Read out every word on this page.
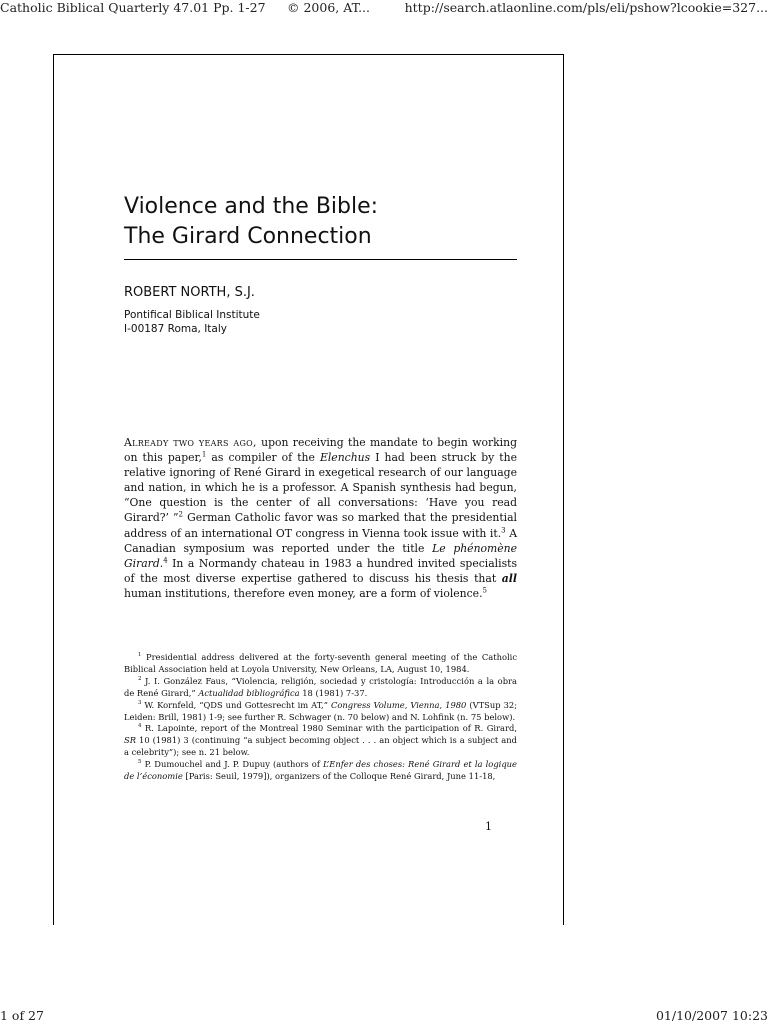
Catholic Biblical Quarterly 47.01 Pp. 1-27 © 2006, AT...	http://search.atlaonline.com/pls/eli/pshow?lcookie=327...
Violence and the Bible:
The Girard Connection
ROBERT NORTH, S.J.
Pontifical Biblical Institute
I-00187 Roma, Italy
Already two years ago, upon receiving the mandate to begin working on this paper,$^1$ as compiler of the Elenchus I had been struck by the relative ignoring of René Girard in exegetical research of our language and nation, in which he is a professor. A Spanish synthesis had begun, “One question is the center of all conversations: ‘Have you read Girard?’ ”$^2$ German Catholic favor was so marked that the presidential address of an international OT congress in Vienna took issue with it.$^3$ A Canadian symposium was reported under the title Le phénomène Girard.$^4$ In a Normandy chateau in 1983 a hundred invited specialists of the most diverse expertise gathered to discuss his thesis that all human institutions, therefore even money, are a form of violence.$^5$

$^1$ Presidential address delivered at the forty-seventh general meeting of the Catholic Biblical Association held at Loyola University, New Orleans, LA, August 10, 1984.

$^2$ J. I. González Faus, “Violencia, religión, sociedad y cristología: Introducción a la obra de René Girard,” Actualidad bibliográfica 18 (1981) 7-37.

$^3$ W. Kornfeld, “QDS und Gottesrecht im AT,” Congress Volume, Vienna, 1980 (VTSup 32; Leiden: Brill, 1981) 1-9; see further R. Schwager (n. 70 below) and N. Lohfink (n. 75 below).

$^4$ R. Lapointe, report of the Montreal 1980 Seminar with the participation of R. Girard, SR 10 (1981) 3 (continuing “a subject becoming object . . . an object which is a subject and a celebrity”); see n. 21 below.

$^5$ P. Dumouchel and J. P. Dupuy (authors of L’Enfer des choses: René Girard et la logique de l’économie [Paris: Seuil, 1979]), organizers of the Colloque René Girard, June 11-18,

1
1 of 27	01/10/2007 10:23
